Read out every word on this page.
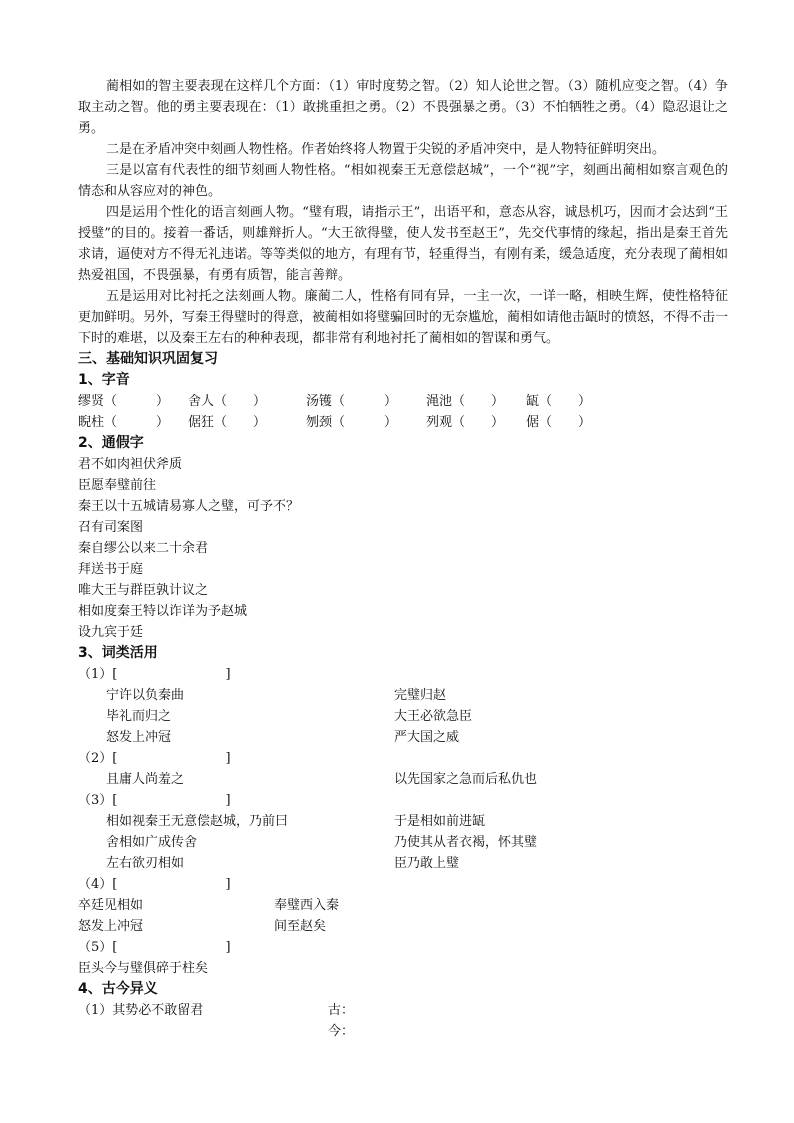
蔺相如的智主要表现在这样几个方面：（1）审时度势之智。（2）知人论世之智。（3）随机应变之智。（4）争取主动之智。他的勇主要表现在：（1）敢挑重担之勇。（2）不畏强暴之勇。（3）不怕牺牲之勇。（4）隐忍退让之勇。

二是在矛盾冲突中刻画人物性格。作者始终将人物置于尖锐的矛盾冲突中，是人物特征鲜明突出。

三是以富有代表性的细节刻画人物性格。“相如视秦王无意偿赵城”，一个“视”字，刻画出蔺相如察言观色的情态和从容应对的神色。

四是运用个性化的语言刻画人物。“璧有瑕，请指示王”，出语平和，意态从容，诚恳机巧，因而才会达到“王授璧”的目的。接着一番话，则雄辩折人。“大王欲得璧，使人发书至赵王”，先交代事情的缘起，指出是秦王首先求请，逼使对方不得无礼违诺。等等类似的地方，有理有节，轻重得当，有刚有柔，缓急适度，充分表现了蔺相如热爱祖国，不畏强暴，有勇有质智，能言善辩。

五是运用对比衬托之法刻画人物。廉蔺二人，性格有同有异，一主一次，一详一略，相映生辉，使性格特征更加鲜明。另外，写秦王得璧时的得意，被蔺相如将璧骗回时的无奈尴尬，蔺相如请他击缻时的愤怒，不得不击一下时的难堪，以及秦王左右的种种表现，都非常有利地衬托了蔺相如的智谋和勇气。

三、基础知识巩固复习

1、字音

缪贤（　　　）	舍人（　　）	汤镬（　　　）	渑池（　　）	缻（　　）
睨柱（　　　）	倨狂（　　）	刎颈（　　　）	列观（　　）	倨（　　）

2、通假字

君不如肉袒伏斧质

臣愿奉璧前往

秦王以十五城请易寡人之璧，可予不？

召有司案图

秦自缪公以来二十余君

拜送书于庭

唯大王与群臣孰计议之

相如度秦王特以诈详为予赵城

设九宾于廷

3、词类活用

（1）[　　　　　　　　 ]

宁许以负秦曲	完璧归赵
毕礼而归之	大王必欲急臣
怒发上冲冠	严大国之威

（2）[　　　　　　　　 ]

且庸人尚羞之	以先国家之急而后私仇也

（3）[　　　　　　　　 ]

相如视秦王无意偿赵城，乃前曰	于是相如前进缻
舍相如广成传舍	乃使其从者衣褐，怀其璧
左右欲刃相如	臣乃敢上璧

（4）[　　　　　　　　 ]

卒廷见相如	奉璧西入秦
怒发上冲冠	间至赵矣

（5）[　　　　　　　　 ]

臣头今与璧俱碎于柱矣

4、古今异义

（1）其势必不敢留君	古：
今：
